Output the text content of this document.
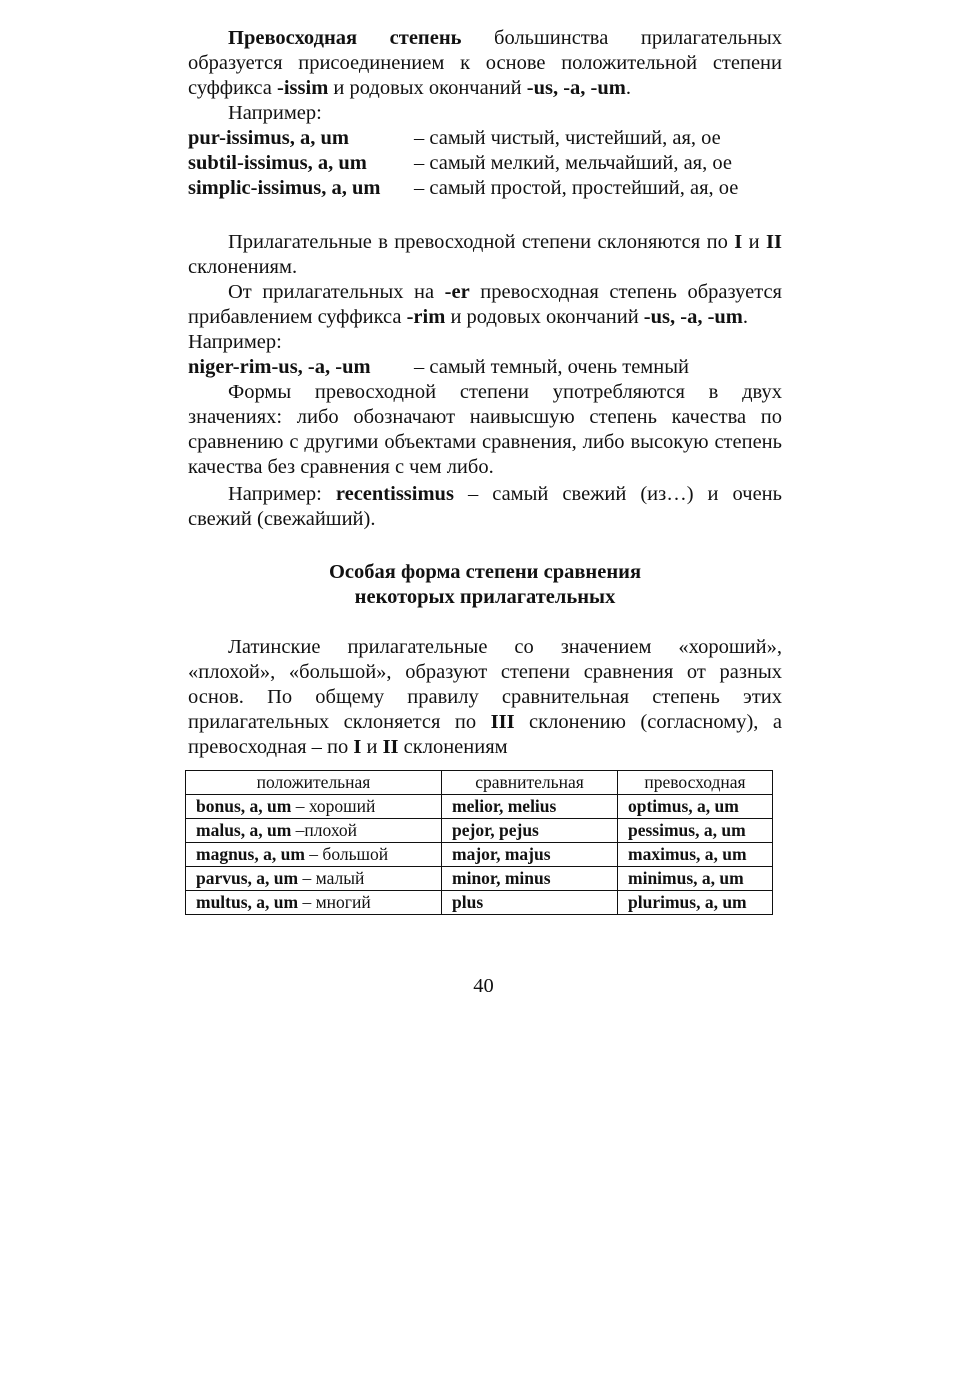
Превосходная степень большинства прилагательных образуется присоединением к основе положительной степени суффикса -issim и родовых окончаний -us, -a, -um.

Например:
pur-issimus, a, um	– самый чистый, чистейший, ая, ое
subtil-issimus, a, um	– самый мелкий, мельчайший, ая, ое
simplic-issimus, a, um	– самый простой, простейший, ая, ое

Прилагательные в превосходной степени склоняются по I и II склонениям.

От прилагательных на -er превосходная степень образуется прибавлением суффикса -rim и родовых окончаний -us, -a, -um.

Например:
niger-rim-us, -a, -um	– самый темный, очень темный

Формы превосходной степени употребляются в двух значениях: либо обозначают наивысшую степень качества по сравнению с другими объектами сравнения, либо высокую степень качества без сравнения с чем либо.

Например: recentissimus – самый свежий (из…) и очень свежий (свежайший).

Особая форма степени сравнения
некоторых прилагательных

Латинские прилагательные со значением «хороший», «плохой», «большой», образуют степени сравнения от разных основ. По общему правилу сравнительная степень этих прилагательных склоняется по III склонению (согласному), а превосходная – по I и II склонениям

положительная	сравнительная	превосходная
bonus, a, um – хороший	melior, melius	optimus, a, um
malus, a, um –плохой	pejor, pejus	pessimus, a, um
magnus, a, um – большой	major, majus	maximus, a, um
parvus, a, um – малый	minor, minus	minimus, a, um
multus, a, um – многий	plus	plurimus, a, um
40
